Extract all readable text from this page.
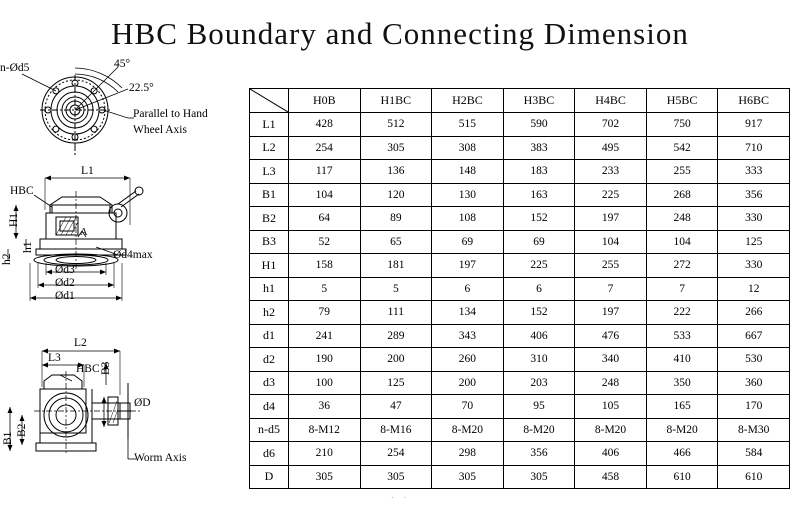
HBC Boundary and Connecting Dimension
n-Ød5	45°
22.5°
Parallel to Hand
Wheel Axis
L1
HBC
H1
h1
h2
A
Ød4max
Ød3
Ød2
Ød1
L2
L3
HBC B3
B2
B1
ØD
Worm Axis
	H0B	H1BC	H2BC	H3BC	H4BC	H5BC	H6BC
L1	428	512	515	590	702	750	917
L2	254	305	308	383	495	542	710
L3	117	136	148	183	233	255	333
B1	104	120	130	163	225	268	356
B2	64	89	108	152	197	248	330
B3	52	65	69	69	104	104	125
H1	158	181	197	225	255	272	330
h1	5	5	6	6	7	7	12
h2	79	111	134	152	197	222	266
d1	241	289	343	406	476	533	667
d2	190	200	260	310	340	410	530
d3	100	125	200	203	248	350	360
d4	36	47	70	95	105	165	170
n-d5	8-M12	8-M16	8-M20	8-M20	8-M20	8-M20	8-M30
d6	210	254	298	356	406	466	584
D	305	305	305	305	458	610	610
· ·
